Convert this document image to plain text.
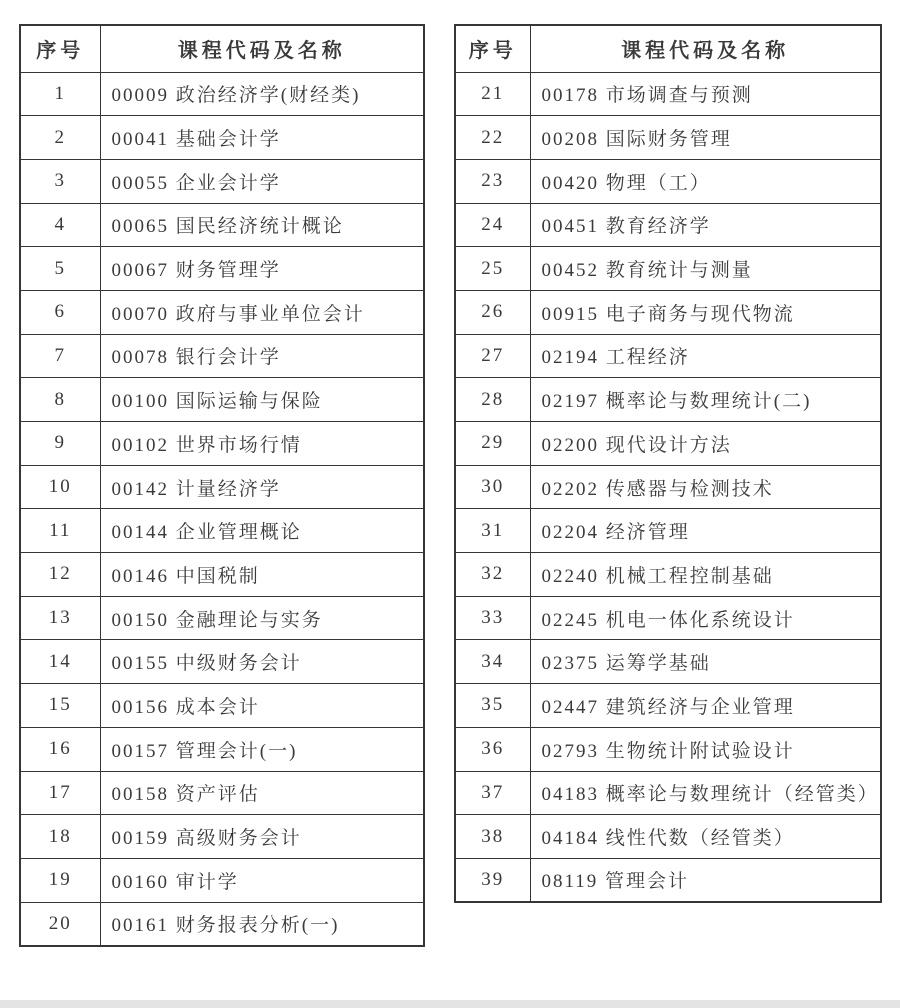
序号	课程代码及名称
1	00009 政治经济学(财经类)
2	00041 基础会计学
3	00055 企业会计学
4	00065 国民经济统计概论
5	00067 财务管理学
6	00070 政府与事业单位会计
7	00078 银行会计学
8	00100 国际运输与保险
9	00102 世界市场行情
10	00142 计量经济学
11	00144 企业管理概论
12	00146 中国税制
13	00150 金融理论与实务
14	00155 中级财务会计
15	00156 成本会计
16	00157 管理会计(一)
17	00158 资产评估
18	00159 高级财务会计
19	00160 审计学
20	00161 财务报表分析(一)
序号	课程代码及名称
21	00178 市场调查与预测
22	00208 国际财务管理
23	00420 物理（工）
24	00451 教育经济学
25	00452 教育统计与测量
26	00915 电子商务与现代物流
27	02194 工程经济
28	02197 概率论与数理统计(二)
29	02200 现代设计方法
30	02202 传感器与检测技术
31	02204 经济管理
32	02240 机械工程控制基础
33	02245 机电一体化系统设计
34	02375 运筹学基础
35	02447 建筑经济与企业管理
36	02793 生物统计附试验设计
37	04183 概率论与数理统计（经管类）
38	04184 线性代数（经管类）
39	08119 管理会计
